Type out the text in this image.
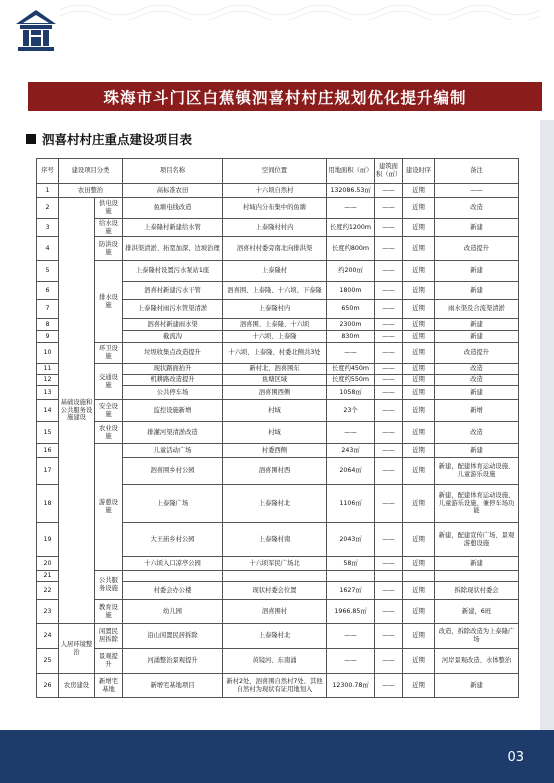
珠海市斗门区白蕉镇泗喜村村庄规划优化提升编制
泗喜村村庄重点建设项目表
序号	建设项目分类		项目名称	空间位置	用地面积（㎡）	建筑面积（㎡）	建设时序	备注
1	农田整治		高标准农田	十六顷自然村	132086.53㎡	——	近期	——
2	基础设施和公共服务设施建设	供电设施	鱼塘电线改造	村域内分布集中的鱼塘	——	——	近期	改造
3		给水设施	上泰隆村新建给水管	上泰隆村村内	长度约1200m	——	近期	新建
4		防洪设施	排洪渠清淤、拓宽加深、边坡治理	泗喜村村委旁南北向排洪渠	长度约800m	——	近期	改造提升
5		排水设施	上泰隆村设置污水泵站1座	上泰隆村	约200㎡	——	近期	新建
6			泗喜村新建污水干管	泗喜围、上泰隆、十六顷、下泰隆	1800m	——	近期	新建
7			上泰隆村雨污水管渠清淤	上泰隆村内	650m	——	近期	雨水渠及合流渠清淤
8			泗喜村新建雨水渠	泗喜围、上泰隆、十六顷	2300m	——	近期	新建
9			截流沟	十六顷、上泰隆	830m	——	近期	新建
10		环卫设施	垃圾收集点改造提升	十六顷、上泰隆、村委北侧共3处	——	——	近期	改造提升
11		交通设施	现状路面抬升	新村北、泗喜围东	长度约450m	——	近期	改造
12			机耕路改造提升	鱼塘区域	长度约550m	——	近期	改造
13			公共停车场	泗喜围西侧	1058㎡	——	近期	新建
14		安全设施	监控设施新增	村域	23个	——	近期	新增
15		农业设施	排灌河渠清淤改造	村域	——	——	近期	改造
16		游憩设施	儿童活动广场	村委西侧	243㎡	——	近期	新建
17			泗喜围乡村公园	泗喜围村西	2064㎡	——	近期	新建，配建体育运动设施、儿童游乐设施
18			上泰隆广场	上泰隆村北	1106㎡	——	近期	新建，配建体育运动设施、儿童游乐设施、兼停车场功能
19			大王庙乡村公园	上泰隆村南	2043㎡	——	近期	新建，配建宣传广场、景观游憩设施
20			十六顷入口凉亭公园	十六顷军民广场北	58㎡	——	近期	新建
21		公共服务设施						
22			村委会办公楼	现状村委会位置	1627㎡	——	近期	拆除现状村委会
23		教育设施	幼儿园	泗喜围村	1966.85㎡	——	近期	新建，6班
24	人居环境整治	闲置民居拆除	沿山闲置民居拆除	上泰隆村北	——	——	近期	改造，拆除改造为上泰隆广场
25		景观提升	河涌整治景观提升	黄镜河、东南涌	——	——	近期	河岸景观改造、水体整治
26	农房建设	新增宅基地	新增宅基地项目	新村2处、泗喜围自然村7处、其他自然村为现状有证用地划入	12300.78㎡	——	近期	新建
03
